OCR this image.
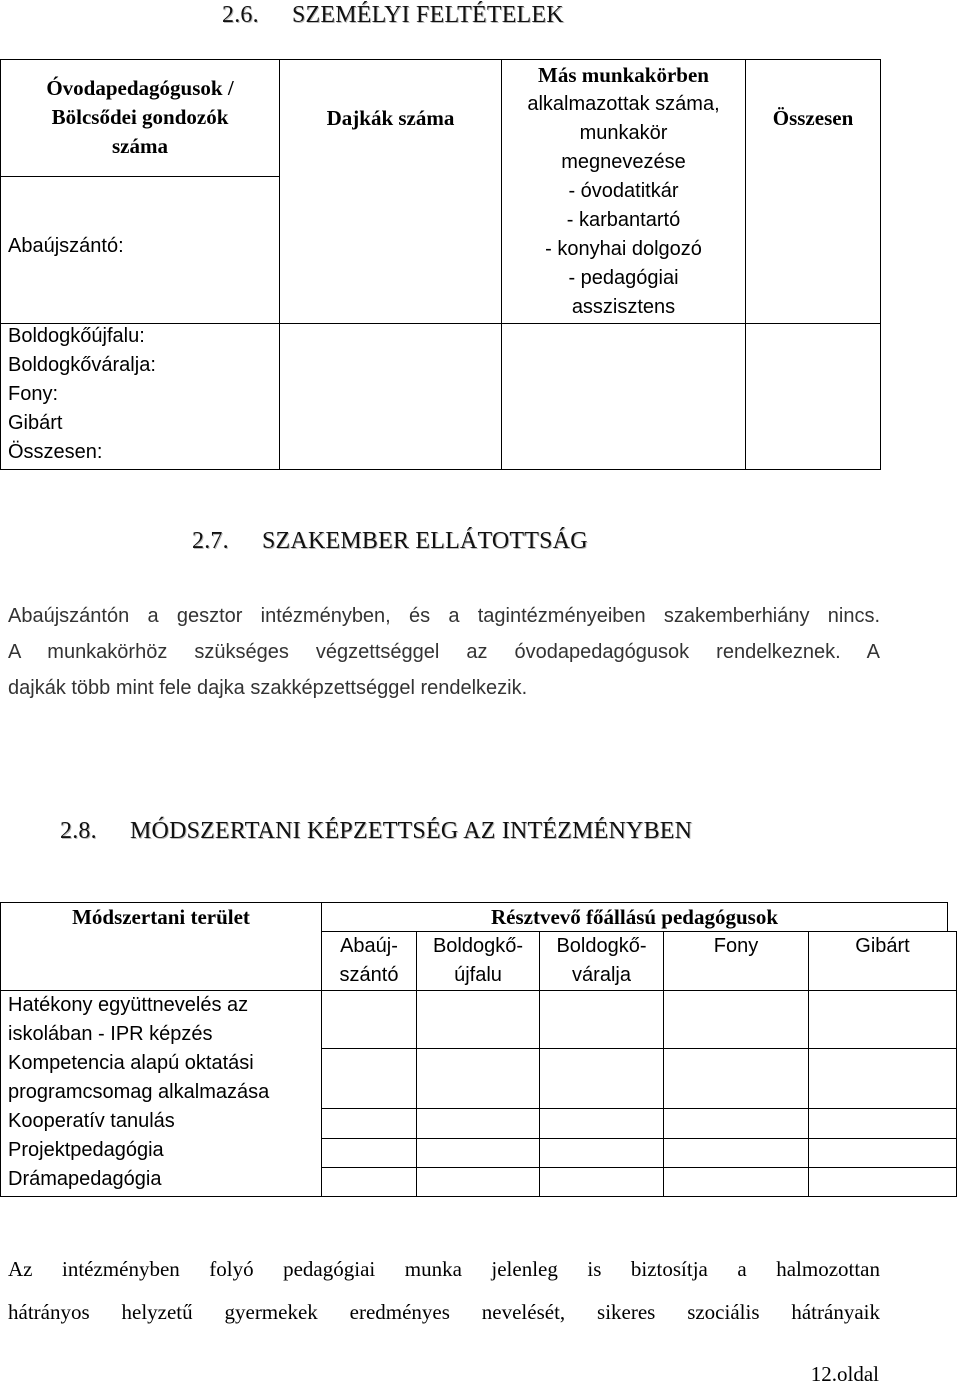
2.6. SZEMÉLYI FELTÉTELEK
Óvodapedagógusok /
Bölcsődei gondozók
száma
Dajkák száma
Más munkakörben
alkalmazottak száma,
munkakör
megnevezése
- óvodatitkár
- karbantartó
- konyhai dolgozó
- pedagógiai
asszisztens
Összesen
Abaújszántó:
Boldogkőújfalu:
Boldogkőváralja:
Fony:
Gibárt
Összesen:
2.7. SZAKEMBER ELLÁTOTTSÁG
Abaújszántón a gesztor intézményben, és a tagintézményeiben szakemberhiány nincs.
A munkakörhöz szükséges végzettséggel az óvodapedagógusok rendelkeznek. A
dajkák több mint fele dajka szakképzettséggel rendelkezik.
2.8. MÓDSZERTANI KÉPZETTSÉG AZ INTÉZMÉNYBEN
Módszertani terület	Résztvevő főállású pedagógusok
Abaúj-
szántó
Boldogkő-
újfalu
Boldogkő-
váralja
Fony	Gibárt
Hatékony együttnevelés az
iskolában - IPR képzés
Kompetencia alapú oktatási
programcsomag alkalmazása
Kooperatív tanulás
Projektpedagógia
Drámapedagógia
Az intézményben folyó pedagógiai munka jelenleg is biztosítja a halmozottan
hátrányos helyzetű gyermekek eredményes nevelését, sikeres szociális hátrányaik
12.oldal
